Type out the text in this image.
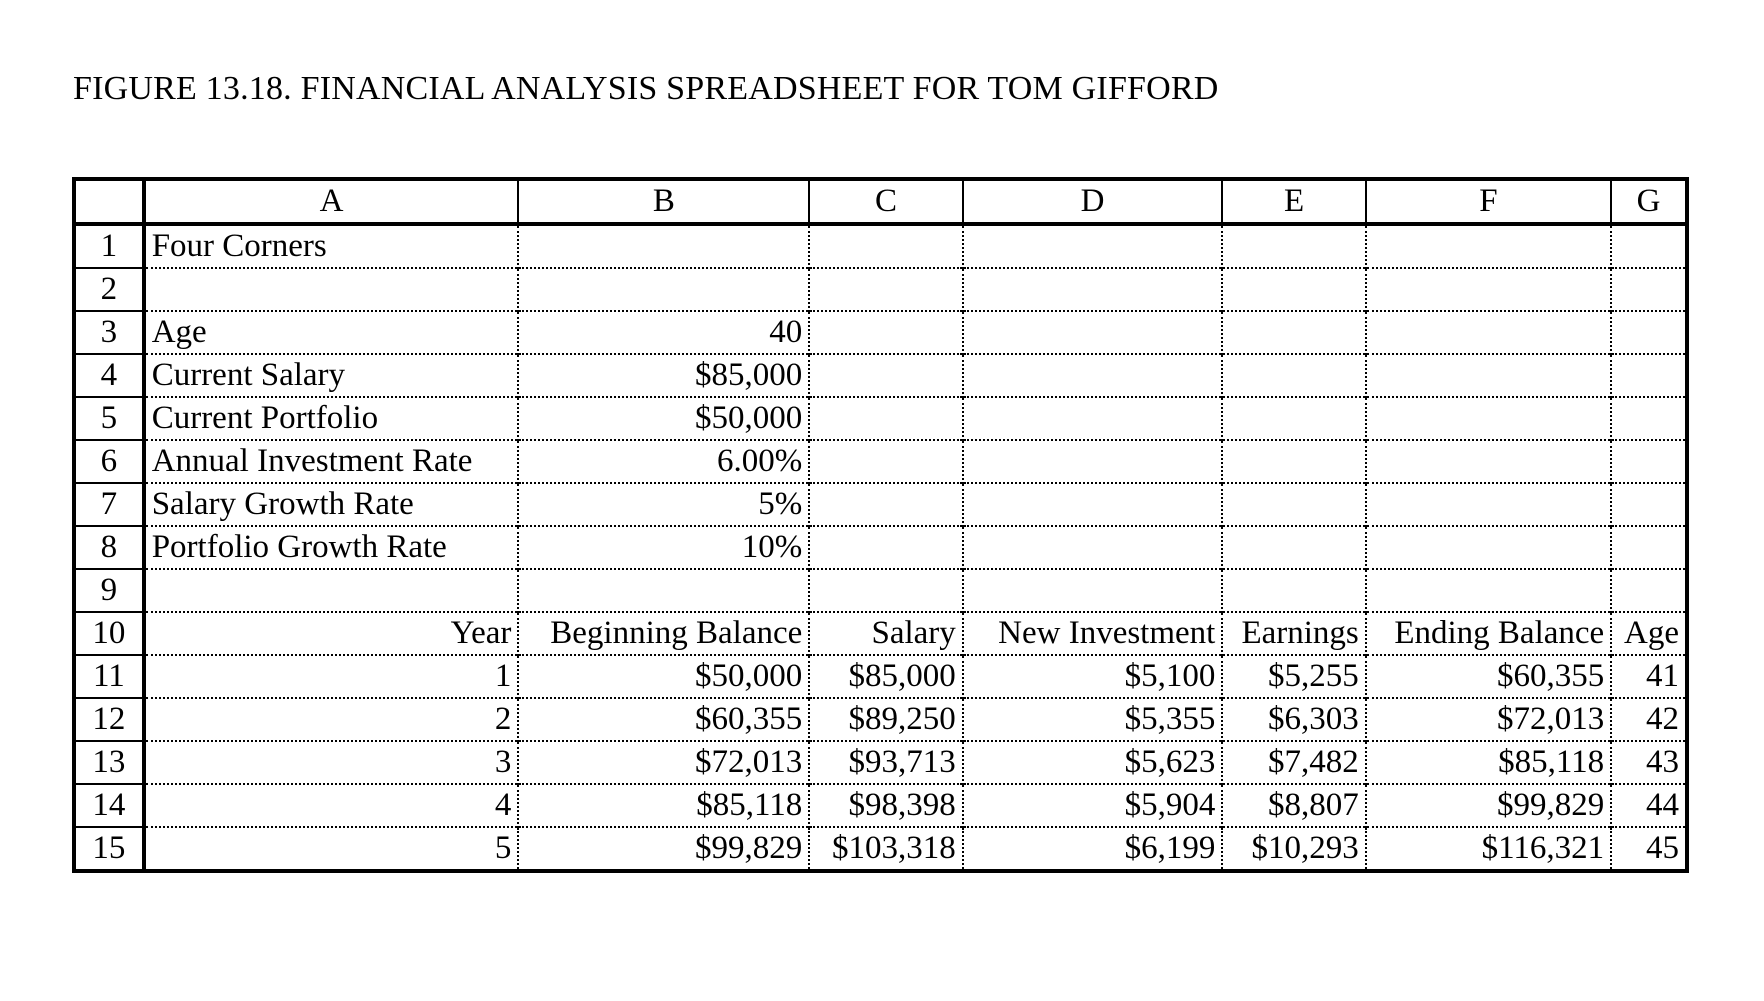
FIGURE 13.18. FINANCIAL ANALYSIS SPREADSHEET FOR TOM GIFFORD
	A	B	C	D	E	F	G
1	Four Corners						
2							
3	Age	40					
4	Current Salary	$85,000					
5	Current Portfolio	$50,000					
6	Annual Investment Rate	6.00%					
7	Salary Growth Rate	5%					
8	Portfolio Growth Rate	10%					
9							
10	Year	Beginning Balance	Salary	New Investment	Earnings	Ending Balance	Age
11	1	$50,000	$85,000	$5,100	$5,255	$60,355	41
12	2	$60,355	$89,250	$5,355	$6,303	$72,013	42
13	3	$72,013	$93,713	$5,623	$7,482	$85,118	43
14	4	$85,118	$98,398	$5,904	$8,807	$99,829	44
15	5	$99,829	$103,318	$6,199	$10,293	$116,321	45
